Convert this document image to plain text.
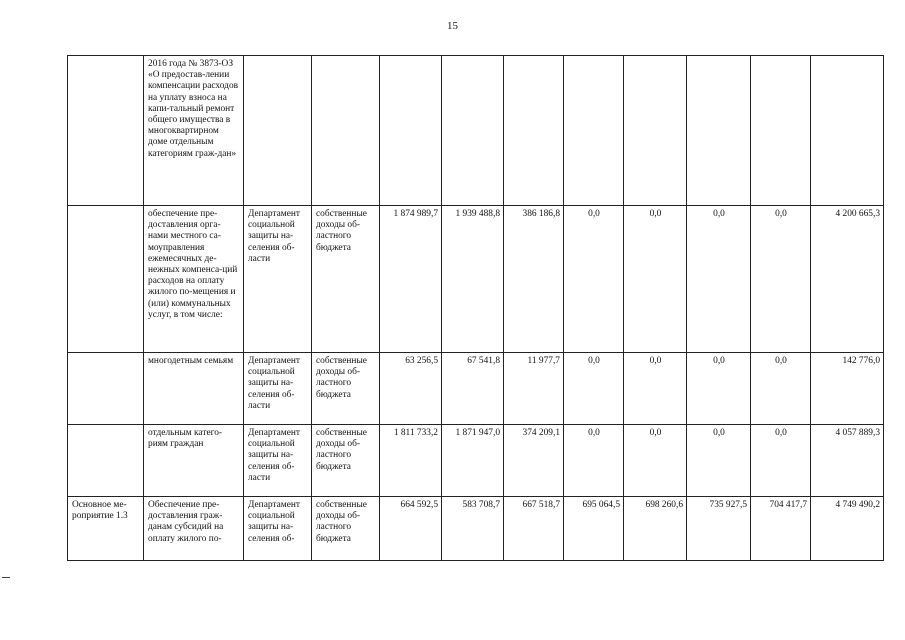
15
	2016 года № 3873-ОЗ «О предостав-лении компенсации расходов на уплату взноса на капи-тальный ремонт общего имущества в многоквартирном доме отдельным категориям граж-дан»										
	обеспечение пре-доставления орга-нами местного са-моуправления ежемесячных де-нежных компенса-ций расходов на оплату жилого по-мещения и (или) коммунальных услуг, в том числе:	Департамент социальной защиты на-селения об-ласти	собственные доходы об-ластного бюджета	1 874 989,7	1 939 488,8	386 186,8	0,0	0,0	0,0	0,0	4 200 665,3
	многодетным семьям	Департамент социальной защиты на-селения об-ласти	собственные доходы об-ластного бюджета	63 256,5	67 541,8	11 977,7	0,0	0,0	0,0	0,0	142 776,0
	отдельным катего-риям граждан	Департамент социальной защиты на-селения об-ласти	собственные доходы об-ластного бюджета	1 811 733,2	1 871 947,0	374 209,1	0,0	0,0	0,0	0,0	4 057 889,3
Основное ме-роприятие 1.3	Обеспечение пре-доставления граж-данам субсидий на оплату жилого по-	Департамент социальной защиты на-селения об-	собственные доходы об-ластного бюджета	664 592,5	583 708,7	667 518,7	695 064,5	698 260,6	735 927,5	704 417,7	4 749 490,2
